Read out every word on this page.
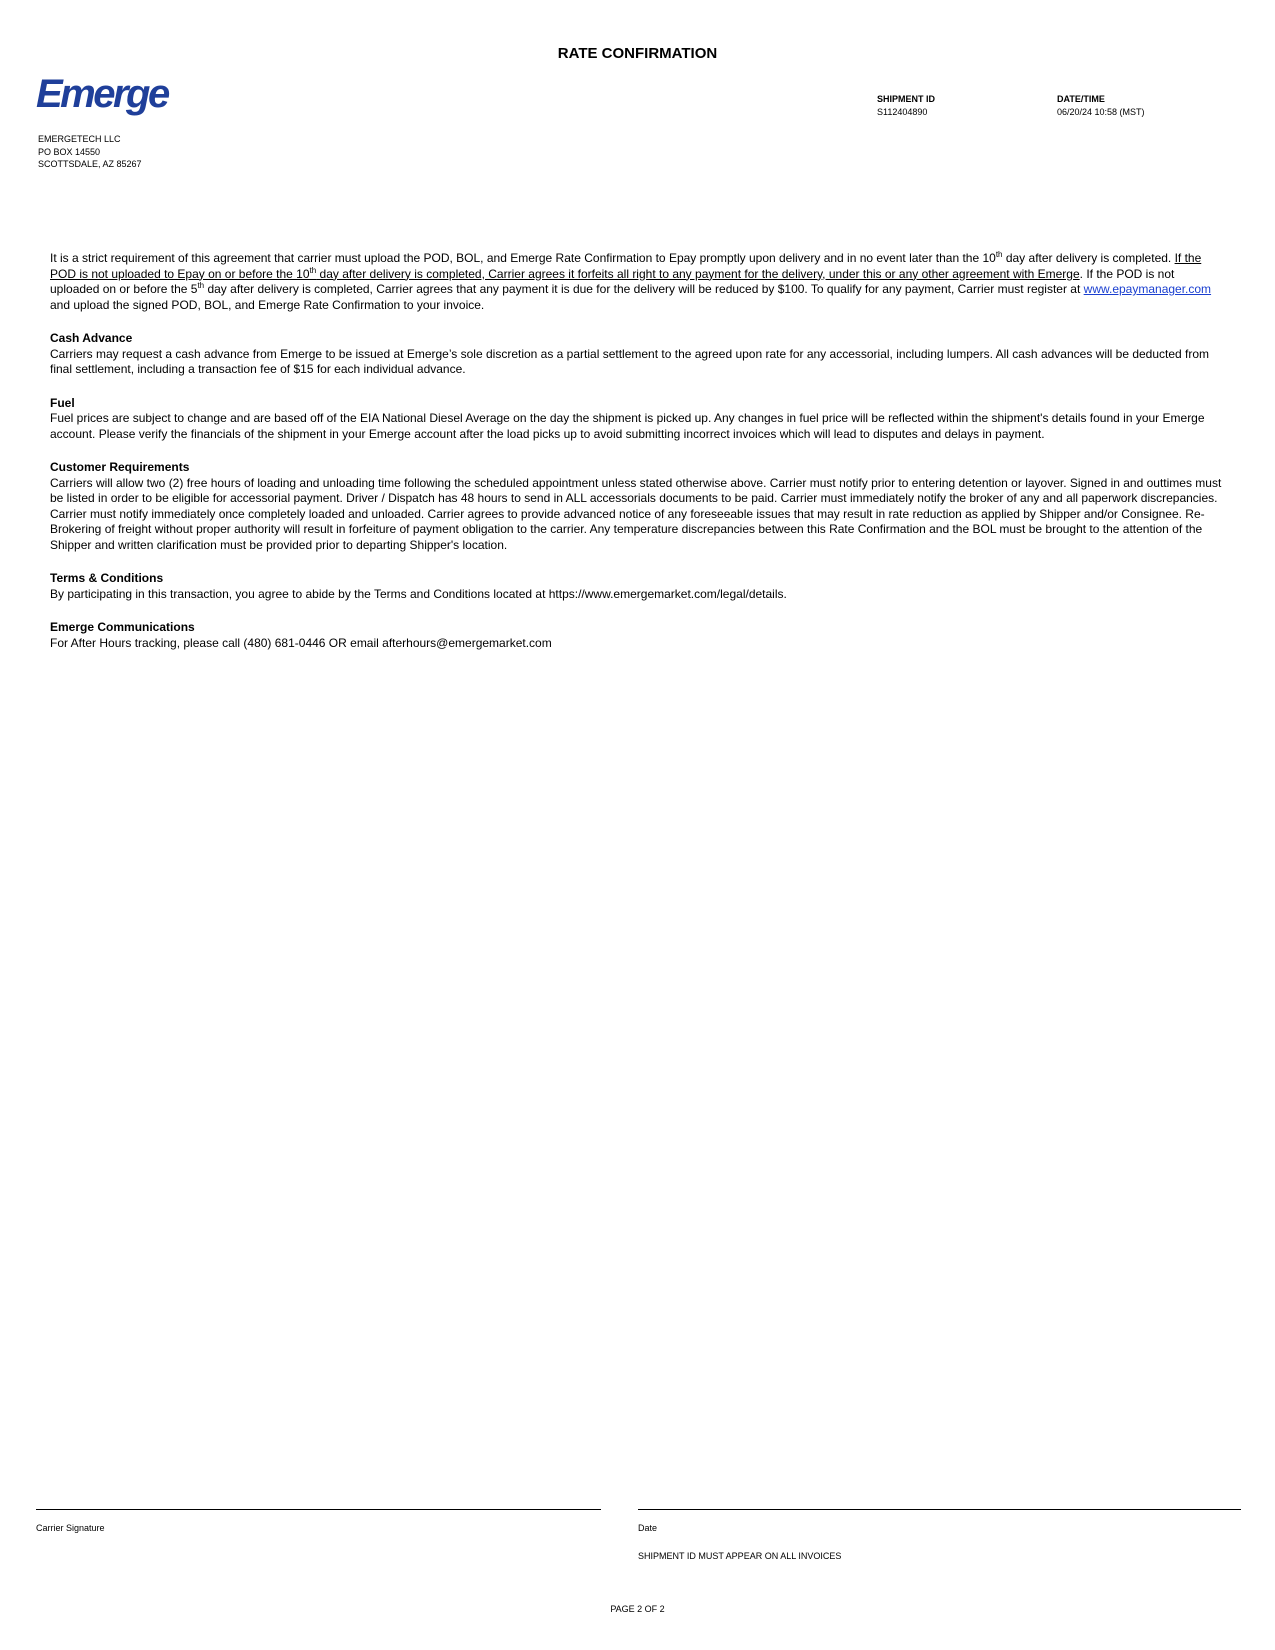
RATE CONFIRMATION
Emerge
EMERGETECH LLC
PO BOX 14550
SCOTTSDALE, AZ 85267
SHIPMENT ID
S112404890
DATE/TIME
06/20/24 10:58 (MST)

It is a strict requirement of this agreement that carrier must upload the POD, BOL, and Emerge Rate Confirmation to Epay promptly upon delivery and in no event later than the 10th day after delivery is completed. If the POD is not uploaded to Epay on or before the 10th day after delivery is completed, Carrier agrees it forfeits all right to any payment for the delivery, under this or any other agreement with Emerge. If the POD is not uploaded on or before the 5th day after delivery is completed, Carrier agrees that any payment it is due for the delivery will be reduced by $100. To qualify for any payment, Carrier must register at www.epaymanager.com and upload the signed POD, BOL, and Emerge Rate Confirmation to your invoice.

Cash Advance
Carriers may request a cash advance from Emerge to be issued at Emerge’s sole discretion as a partial settlement to the agreed upon rate for any accessorial, including lumpers. All cash advances will be deducted from final settlement, including a transaction fee of $15 for each individual advance.
Fuel
Fuel prices are subject to change and are based off of the EIA National Diesel Average on the day the shipment is picked up. Any changes in fuel price will be reflected within the shipment's details found in your Emerge account. Please verify the financials of the shipment in your Emerge account after the load picks up to avoid submitting incorrect invoices which will lead to disputes and delays in payment.
Customer Requirements
Carriers will allow two (2) free hours of loading and unloading time following the scheduled appointment unless stated otherwise above. Carrier must notify prior to entering detention or layover. Signed in and outtimes must be listed in order to be eligible for accessorial payment. Driver / Dispatch has 48 hours to send in ALL accessorials documents to be paid. Carrier must immediately notify the broker of any and all paperwork discrepancies. Carrier must notify immediately once completely loaded and unloaded. Carrier agrees to provide advanced notice of any foreseeable issues that may result in rate reduction as applied by Shipper and/or Consignee. Re-Brokering of freight without proper authority will result in forfeiture of payment obligation to the carrier. Any temperature discrepancies between this Rate Confirmation and the BOL must be brought to the attention of the Shipper and written clarification must be provided prior to departing Shipper's location.
Terms & Conditions
By participating in this transaction, you agree to abide by the Terms and Conditions located at https://www.emergemarket.com/legal/details.
Emerge Communications
For After Hours tracking, please call (480) 681-0446 OR email afterhours@emergemarket.com
Carrier Signature	Date
SHIPMENT ID MUST APPEAR ON ALL INVOICES
PAGE 2 OF 2
